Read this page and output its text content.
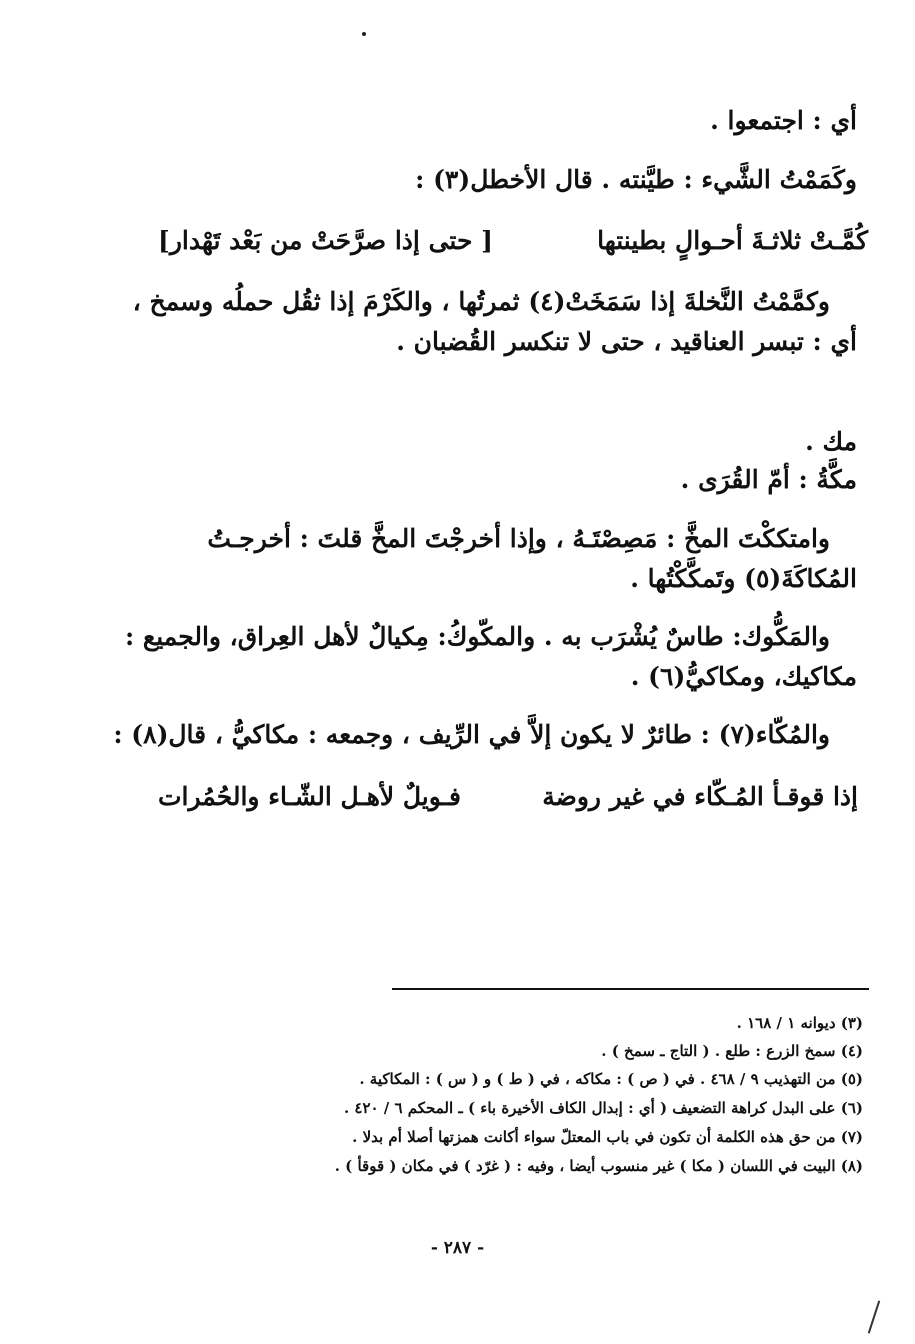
أي : اجتمعوا .
وكَمَمْتُ الشَّيء : طيَّنته . قال الأخطل(٣) :
كُمَّـتْ ثلاثـةَ أحـوالٍ بطينتها
[ حتى إذا صرَّحَتْ من بَعْد تَهْدار]
وكمَّمْتُ النَّخلةَ إذا سَمَخَتْ(٤) ثمرتُها ، والكَرْمَ إذا ثقُل حملُه وسمخ ،
أي : تبسر العناقيد ، حتى لا تنكسر القُضبان .
مك .
مكَّةُ : أمّ القُرَى .
وامتككْتَ المخَّ : مَصِصْتَـهُ ، وإذا أخرجْتَ المخَّ قلتَ : أخرجـتُ
المُكاكَةَ(٥) وتَمكَّكْتُها .
والمَكُّوك: طاسٌ يُشْرَب به . والمكّوكُ: مِكيالٌ لأهل العِراق، والجميع :
مكاكيك، ومكاكيُّ(٦) .
والمُكّاء(٧) : طائرٌ لا يكون إلاَّ في الرِّيف ، وجمعه : مكاكيُّ ، قال(٨) :
إذا قوقـأ المُـكّاء في غير روضة
فـويلٌ لأهـل الشّـاء والحُمُرات
(٣) ديوانه ١ / ١٦٨ .
(٤) سمخ الزرع : طلع . ( التاج ـ سمخ ) .
(٥) من التهذيب ٩ / ٤٦٨ . في ( ص ) : مكاكه ، في ( ط ) و ( س ) : المكاكية .
(٦) على البدل كراهة التضعيف ( أي : إبدال الكاف الأخيرة باء ) ـ المحكم ٦ / ٤٢٠ .
(٧) من حق هذه الكلمة أن تكون في باب المعتلّ سواء أكانت همزتها أصلا أم بدلا .
(٨) البيت في اللسان ( مكا ) غير منسوب أيضا ، وفيه : ( غرّد ) في مكان ( قوقأ ) .
- ٢٨٧ -
